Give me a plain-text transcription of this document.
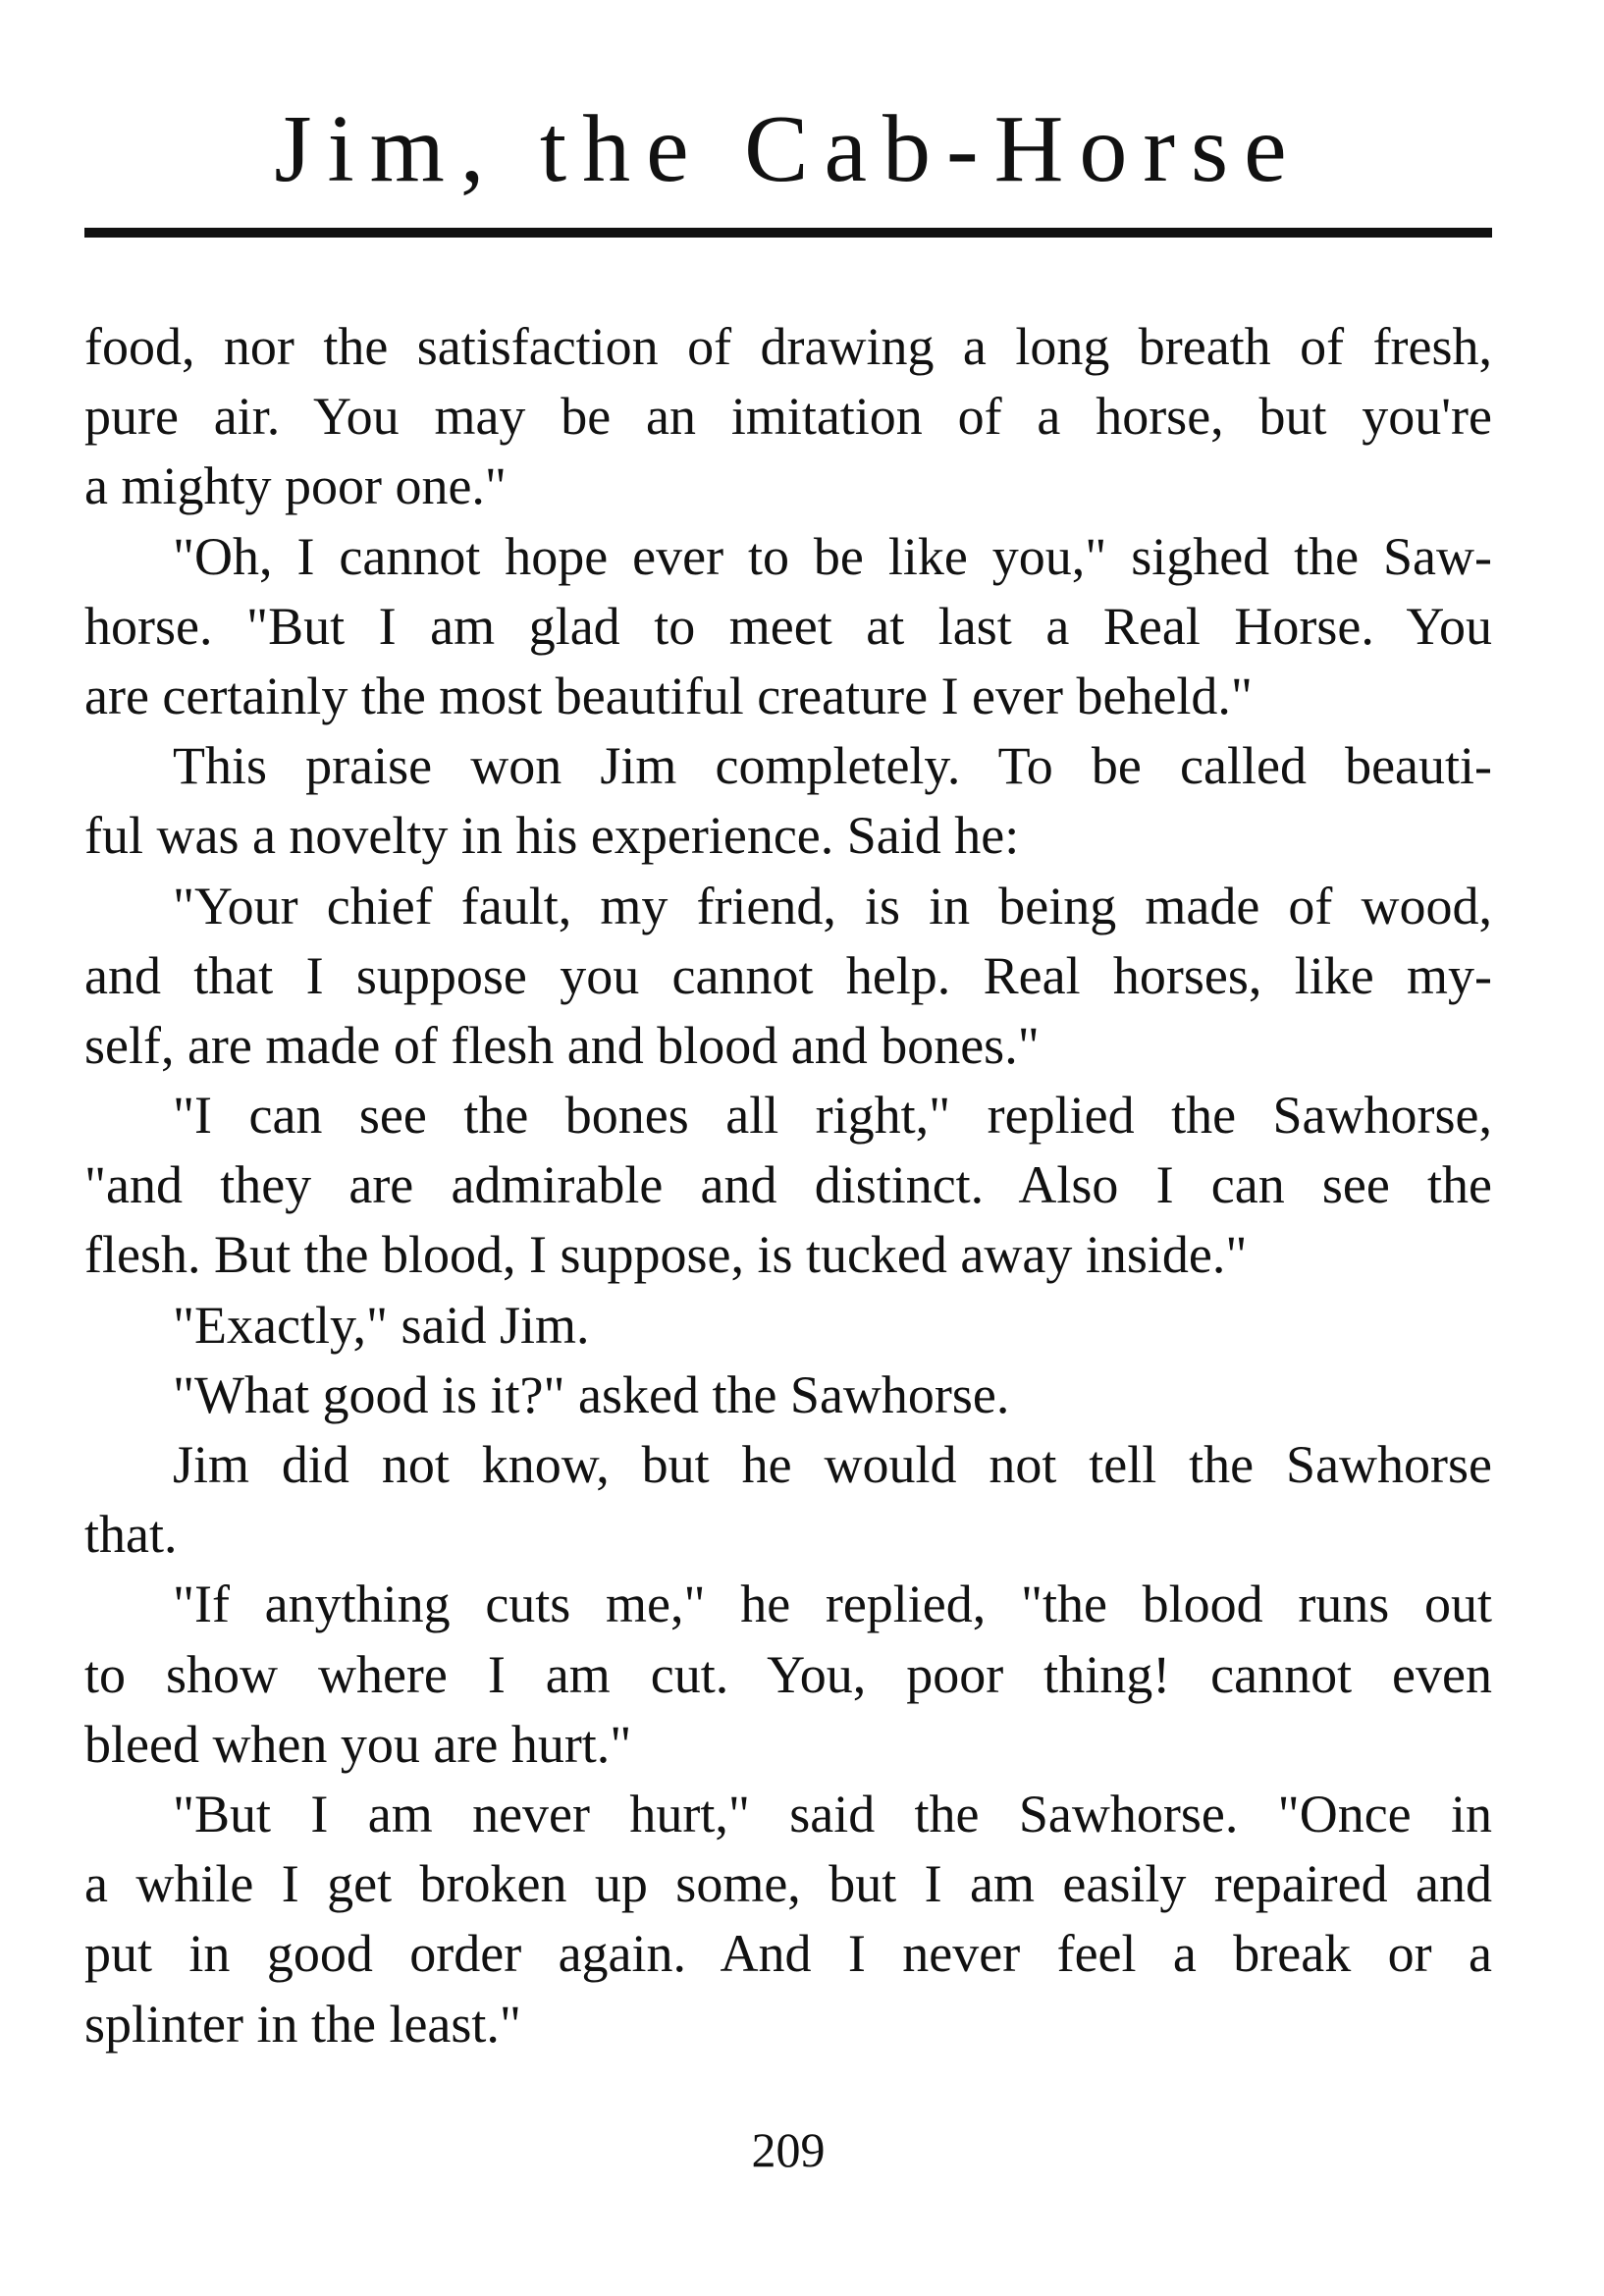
Jim, the Cab-Horse
food, nor the satisfaction of drawing a long breath of fresh,
pure air. You may be an imitation of a horse, but you're
a mighty poor one."
"Oh, I cannot hope ever to be like you," sighed the Saw-
horse. "But I am glad to meet at last a Real Horse. You
are certainly the most beautiful creature I ever beheld."
This praise won Jim completely. To be called beauti-
ful was a novelty in his experience. Said he:
"Your chief fault, my friend, is in being made of wood,
and that I suppose you cannot help. Real horses, like my-
self, are made of flesh and blood and bones."
"I can see the bones all right," replied the Sawhorse,
"and they are admirable and distinct. Also I can see the
flesh. But the blood, I suppose, is tucked away inside."
"Exactly," said Jim.
"What good is it?" asked the Sawhorse.
Jim did not know, but he would not tell the Sawhorse
that.
"If anything cuts me," he replied, "the blood runs out
to show where I am cut. You, poor thing! cannot even
bleed when you are hurt."
"But I am never hurt," said the Sawhorse. "Once in
a while I get broken up some, but I am easily repaired and
put in good order again. And I never feel a break or a
splinter in the least."
209
